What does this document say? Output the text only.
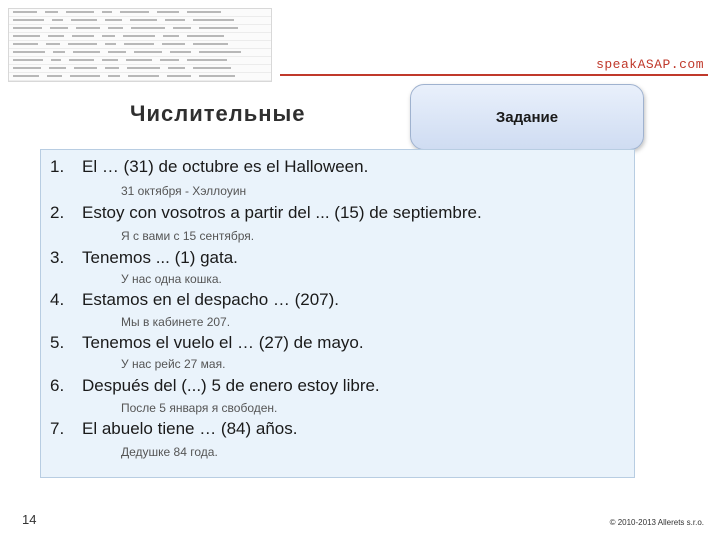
speakASAP.com
Числительные	Задание
1. El … (31) de octubre es el Halloween.
31 октября - Хэллоуин
2. Estoy con vosotros a partir del ... (15) de septiembre.
Я с вами с 15 сентября.
3. Tenemos ... (1) gata.
У нас одна кошка.
4. Estamos en el despacho … (207).
Мы в кабинете 207.
5. Tenemos el vuelo el … (27) de mayo.
У нас рейс 27 мая.
6. Después del (...) 5 de enero estoy libre.
После 5 января я свободен.
7. El abuelo tiene … (84) años.
Дедушке 84 года.
14	© 2010-2013 Allerets s.r.o.
